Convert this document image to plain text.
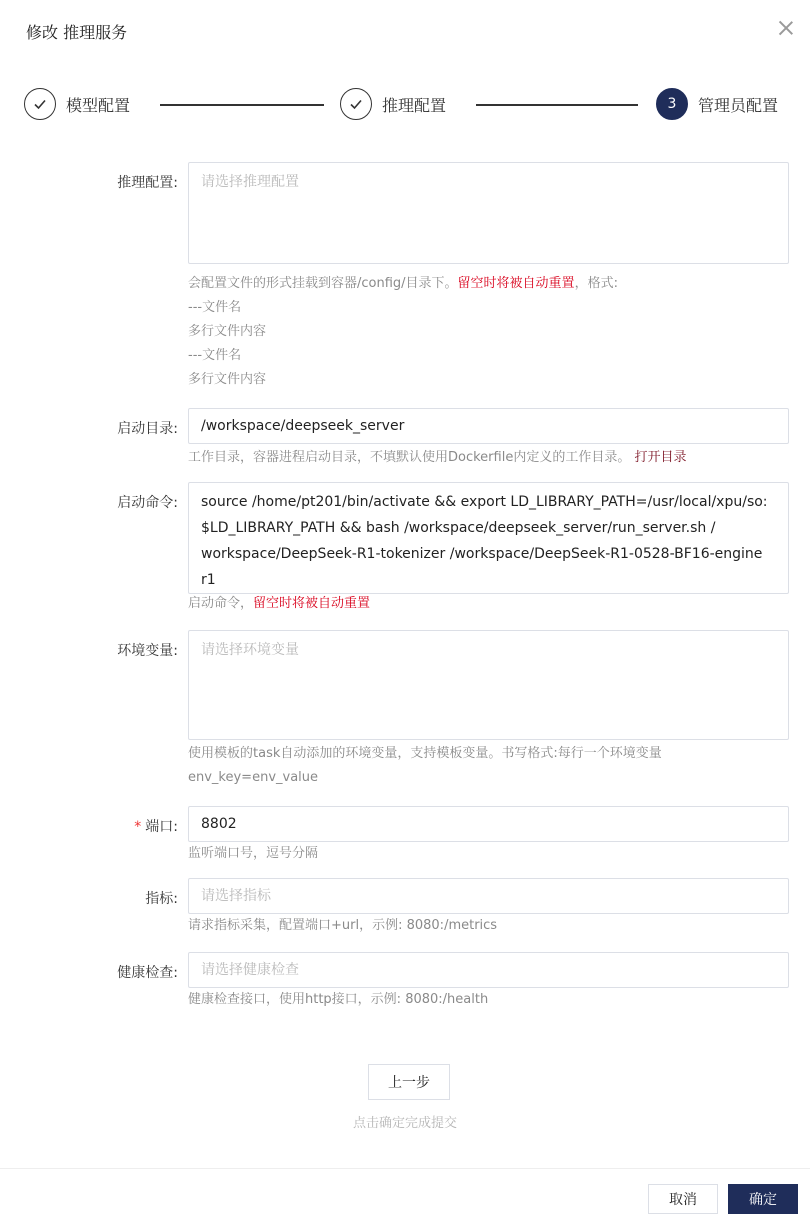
修改 推理服务
模型配置	推理配置	3	管理员配置
推理配置:	请选择推理配置
会配置文件的形式挂载到容器/config/目录下。留空时将被自动重置，格式:
---文件名
多行文件内容
---文件名
多行文件内容
启动目录:	/workspace/deepseek_server
工作目录，容器进程启动目录，不填默认使用Dockerfile内定义的工作目录。 打开目录
启动命令: source /home/pt201/bin/activate && export LD_LIBRARY_PATH=/usr/local/xpu/so:
$LD_LIBRARY_PATH && bash /workspace/deepseek_server/run_server.sh /
workspace/DeepSeek-R1-tokenizer /workspace/DeepSeek-R1-0528-BF16-engine
r1
启动命令，留空时将被自动重置
环境变量:	请选择环境变量
使用模板的task自动添加的环境变量，支持模板变量。书写格式:每行一个环境变量
env_key=env_value
* 端口:	8802
监听端口号，逗号分隔
指标:	请选择指标
请求指标采集，配置端口+url，示例: 8080:/metrics
健康检查:	请选择健康检查
健康检查接口，使用http接口，示例: 8080:/health
上一步
点击确定完成提交
取消	确定
